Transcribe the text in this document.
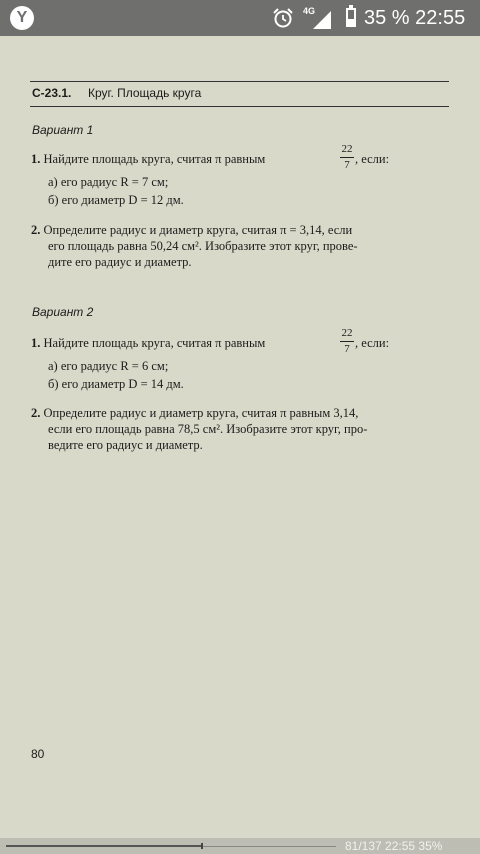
Y	4G 35 % 22:55
С-23.1. Круг. Площадь круга
Вариант 1
1. Найдите площадь круга, считая π равным
22
7 , если:
а) его радиус R = 7 см;
б) его диаметр D = 12 дм.
2. Определите радиус и диаметр круга, считая π = 3,14, если
его площадь равна 50,24 см². Изобразите этот круг, прове-
дите его радиус и диаметр.
Вариант 2
1. Найдите площадь круга, считая π равным
22
7 , если:
а) его радиус R = 6 см;
б) его диаметр D = 14 дм.
2. Определите радиус и диаметр круга, считая π равным 3,14,
если его площадь равна 78,5 см². Изобразите этот круг, про-
ведите его радиус и диаметр.
80
81/137 22:55 35%
